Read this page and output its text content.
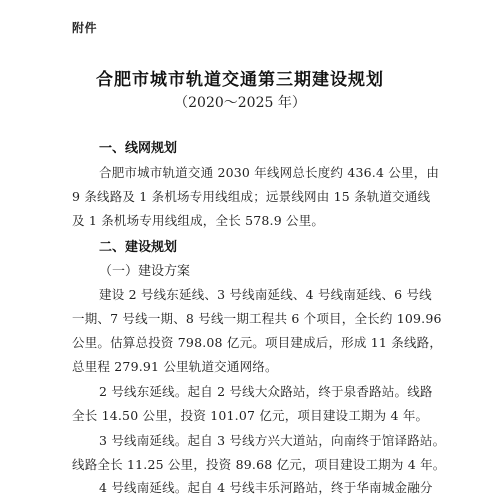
附件
合肥市城市轨道交通第三期建设规划
（2020～2025 年）
一、线网规划
合肥市城市轨道交通 2030 年线网总长度约 436.4 公里，由
9 条线路及 1 条机场专用线组成；远景线网由 15 条轨道交通线
及 1 条机场专用线组成，全长 578.9 公里。
二、建设规划
（一）建设方案
建设 2 号线东延线、3 号线南延线、4 号线南延线、6 号线
一期、7 号线一期、8 号线一期工程共 6 个项目，全长约 109.96
公里。估算总投资 798.08 亿元。项目建成后，形成 11 条线路，
总里程 279.91 公里轨道交通网络。
2 号线东延线。起自 2 号线大众路站，终于泉香路站。线路
全长 14.50 公里，投资 101.07 亿元，项目建设工期为 4 年。
3 号线南延线。起自 3 号线方兴大道站，向南终于馆译路站。
线路全长 11.25 公里，投资 89.68 亿元，项目建设工期为 4 年。
4 号线南延线。起自 4 号线丰乐河路站，终于华南城金融分
